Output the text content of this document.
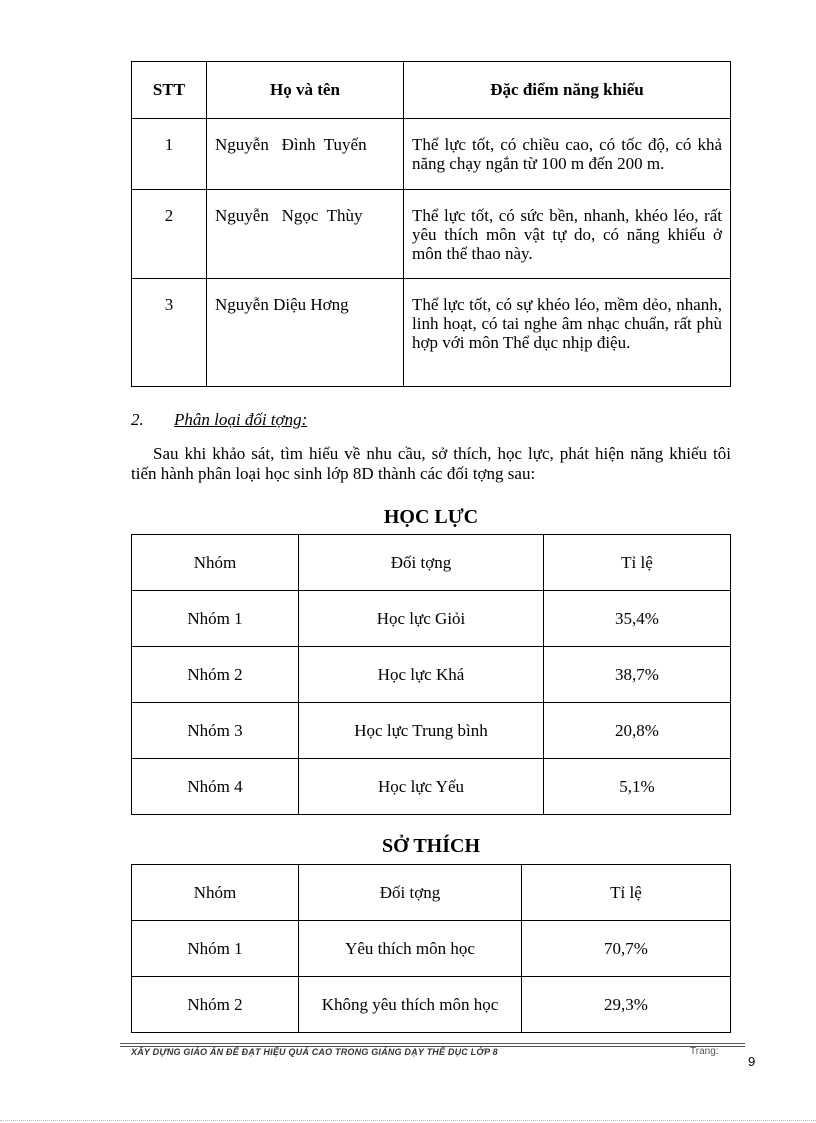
STT	Họ và tên	Đặc điểm năng khiếu
1	Nguyễn   Đình  Tuyến	Thể lực tốt, có chiều cao, có tốc độ, có khả năng chạy ngắn từ 100 m đến 200 m.
2	Nguyễn   Ngọc  Thùy	Thể lực tốt, có sức bền, nhanh, khéo léo, rất yêu thích môn vật tự do, có năng khiếu ở môn thể thao này.
3	Nguyễn Diệu Hơng	Thể lực tốt, có sự khéo léo, mềm dẻo, nhanh, linh hoạt, có tai nghe âm nhạc chuẩn, rất phù hợp với môn Thể dục nhịp điệu.
2. Phân loại đối tợng:
Sau khi khảo sát, tìm hiểu về nhu cầu, sở thích, học lực, phát hiện năng khiếu tôi tiến hành phân loại học sinh lớp 8D thành các đối tợng sau:
HỌC LỰC
Nhóm	Đối tợng	Tỉ lệ
Nhóm 1	Học lực Giỏi	35,4%
Nhóm 2	Học lực Khá	38,7%
Nhóm 3	Học lực Trung bình	20,8%
Nhóm 4	Học lực Yếu	5,1%
SỞ THÍCH
Nhóm	Đối tợng	Tỉ lệ
Nhóm 1	Yêu thích môn học	70,7%
Nhóm 2	Không yêu thích môn học	29,3%
XÂY DỰNG GIÁO ÁN ĐỂ ĐẠT HIỆU QUẢ CAO TRONG GIẢNG DẠY THỂ DỤC LỚP 8	Trang:
9
